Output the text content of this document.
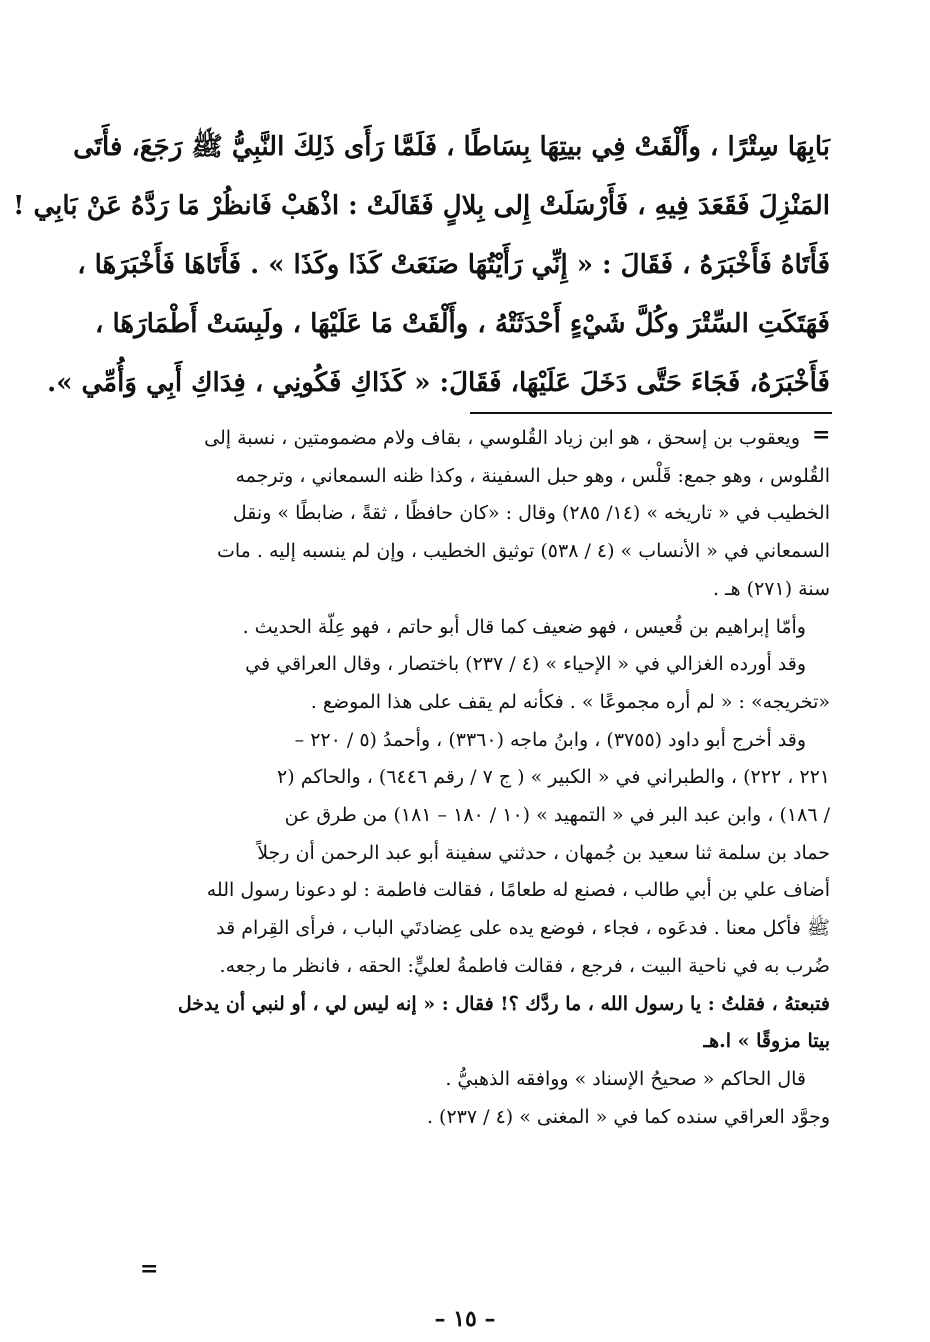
بَابِهَا سِتْرًا ، وأَلْقَتْ فِي بيتِهَا بِسَاطًا ، فَلَمَّا رَأَى ذَلِكَ النَّبِيُّ ﷺ رَجَعَ، فأَتَى
المَنْزِلَ فَقَعَدَ فِيهِ ، فَأَرْسَلَتْ إِلى بِلالٍ فَقَالَتْ : اذْهَبْ فَانظُرْ مَا رَدَّهُ عَنْ بَابِي !
فَأَتَاهُ فَأَخْبَرَهُ ، فَقَالَ : « إِنِّي رَأَيْتُهَا صَنَعَتْ كَذَا وكَذَا » . فَأَتَاهَا فَأَخْبَرَهَا ،
فَهَتَكَتِ السِّتْرَ وكُلَّ شَيْءٍ أَحْدَثَتْهُ ، وأَلْقَتْ مَا عَلَيْهَا ، ولَبِسَتْ أَطْمَارَهَا ،
فَأَخْبَرَهُ، فَجَاءَ حَتَّى دَخَلَ عَلَيْهَا، فَقَالَ: « كَذَاكِ فَكُونِي ، فِدَاكِ أَبِي وَأُمِّي ».
=
ويعقوب بن إسحق ، هو ابن زياد القُلوسي ، بقاف ولام مضمومتين ، نسبة إلى
القُلوس ، وهو جمع: قَلْس ، وهو حبل السفينة ، وكذا ظنه السمعاني ، وترجمه
الخطيب في « تاريخه » (١٤/ ٢٨٥) وقال : «كان حافظًا ، ثقةً ، ضابطًا » ونقل
السمعاني في « الأنساب » (٤ / ٥٣٨) توثيق الخطيب ، وإن لم ينسبه إليه . مات
سنة (٢٧١) هـ .
وأمّا إبراهيم بن قُعيس ، فهو ضعيف كما قال أبو حاتم ، فهو عِلّة الحديث .
وقد أورده الغزالي في « الإحياء » (٤ / ٢٣٧) باختصار ، وقال العراقي في
«تخريجه» : « لم أره مجموعًا » . فكأنه لم يقف على هذا الموضع .
وقد أخرج أبو داود (٣٧٥٥) ، وابنُ ماجه (٣٣٦٠) ، وأحمدُ (٥ / ٢٢٠ –
٢٢١ ، ٢٢٢) ، والطبراني في « الكبير » ( ج ٧ / رقم ٦٤٤٦) ، والحاكم (٢
/ ١٨٦) ، وابن عبد البر في « التمهيد » (١٠ / ١٨٠ – ١٨١) من طرق عن
حماد بن سلمة ثنا سعيد بن جُمهان ، حدثني سفينة أبو عبد الرحمن أن رجلاً
أضاف علي بن أبي طالب ، فصنع له طعامًا ، فقالت فاطمة : لو دعونا رسول الله
ﷺ فأكل معنا . فدعَوه ، فجاء ، فوضع يده على عِضادتَي الباب ، فرأى القِرام قد
ضُرب به في ناحية البيت ، فرجع ، فقالت فاطمةُ لعليٍّ: الحقه ، فانظر ما رجعه.
فتبعتهُ ، فقلتُ : يا رسول الله ، ما ردَّك ؟! فقال : « إنه ليس لي ، أو لنبي أن يدخل
بيتا مزوقًا » ا.هـ
قال الحاكم « صحيحُ الإسناد » ووافقه الذهبيُّ .
وجوَّد العراقي سنده كما في « المغنى » (٤ / ٢٣٧) .
=
– ١٥ –
